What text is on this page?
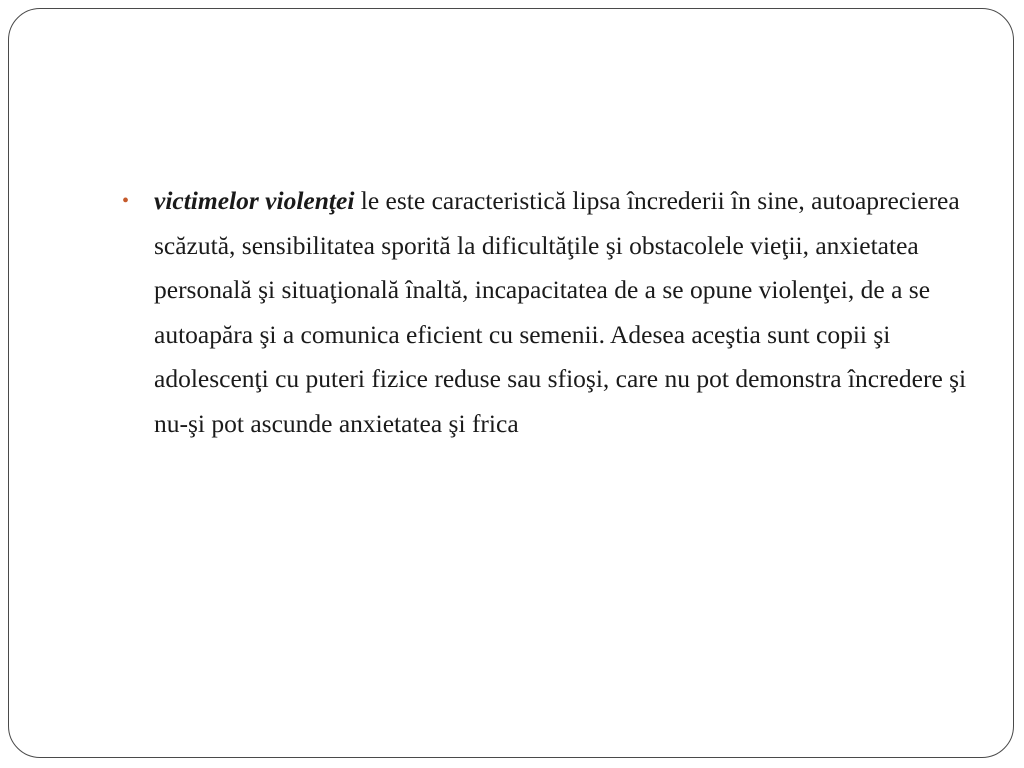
• victimelor violenţei le este caracteristică lipsa încrederii în sine, autoaprecierea scăzută, sensibilitatea sporită la dificultăţile şi obstacolele vieţii, anxietatea personală şi situaţională înaltă, incapacitatea de a se opune violenţei, de a se autoapăra şi a comunica eficient cu semenii. Adesea aceştia sunt copii şi adolescenţi cu puteri fizice reduse sau sfioşi, care nu pot demonstra încredere şi nu-şi pot ascunde anxietatea şi frica
